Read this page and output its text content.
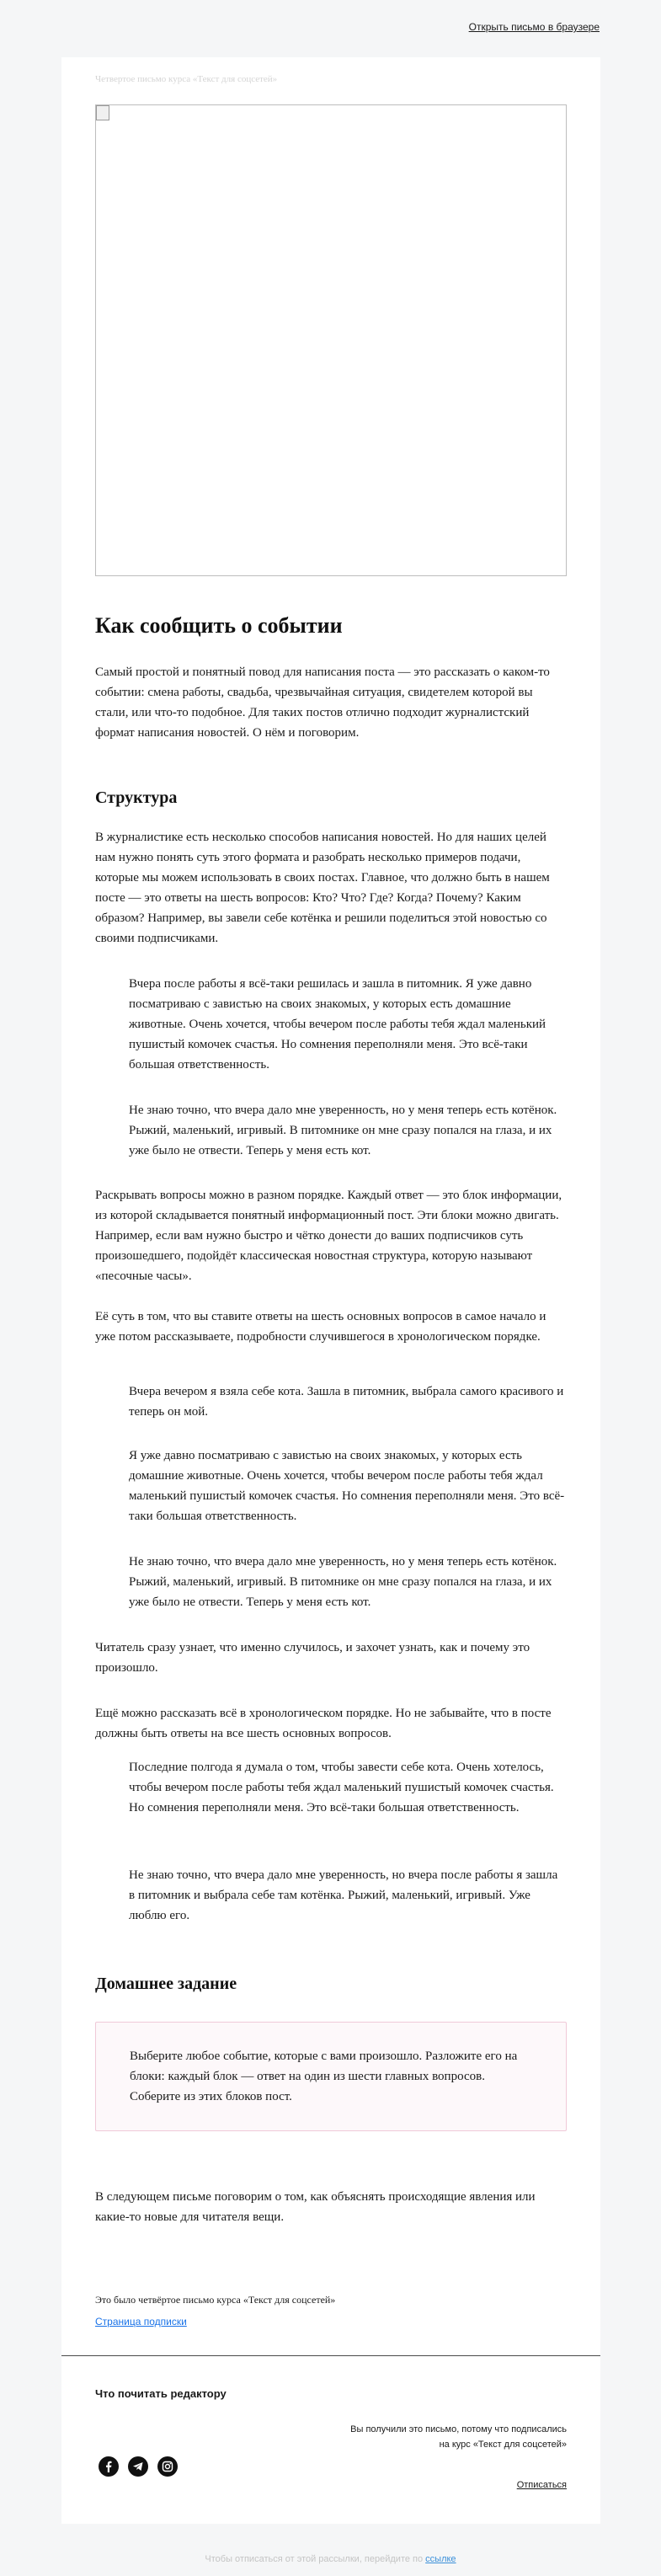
Открыть письмо в браузере
Четвертое письмо курса «Текст для соцсетей»
Как сообщить о событии

Самый простой и понятный повод для написания поста — это рассказать о каком-то событии: смена работы, свадьба, чрезвычайная ситуация, свидетелем которой вы стали, или что-то подобное. Для таких постов отлично подходит журналистский формат написания новостей. О нём и поговорим.

Структура

В журналистике есть несколько способов написания новостей. Но для наших целей нам нужно понять суть этого формата и разобрать несколько примеров подачи, которые мы можем использовать в своих постах. Главное, что должно быть в нашем посте — это ответы на шесть вопросов: Кто? Что? Где? Когда? Почему? Каким образом? Например, вы завели себе котёнка и решили поделиться этой новостью со своими подписчиками.

Вчера после работы я всё-таки решилась и зашла в питомник. Я уже давно посматриваю с завистью на своих знакомых, у которых есть домашние животные. Очень хочется, чтобы вечером после работы тебя ждал маленький пушистый комочек счастья. Но сомнения переполняли меня. Это всё-таки большая ответственность.

Не знаю точно, что вчера дало мне уверенность, но у меня теперь есть котёнок. Рыжий, маленький, игривый. В питомнике он мне сразу попался на глаза, и их уже было не отвести. Теперь у меня есть кот.

Раскрывать вопросы можно в разном порядке. Каждый ответ — это блок информации, из которой складывается понятный информационный пост. Эти блоки можно двигать. Например, если вам нужно быстро и чётко донести до ваших подписчиков суть произошедшего, подойдёт классическая новостная структура, которую называют «песочные часы».

Её суть в том, что вы ставите ответы на шесть основных вопросов в самое начало и уже потом рассказываете, подробности случившегося в хронологическом порядке.

Вчера вечером я взяла себе кота. Зашла в питомник, выбрала самого красивого и теперь он мой.

Я уже давно посматриваю с завистью на своих знакомых, у которых есть домашние животные. Очень хочется, чтобы вечером после работы тебя ждал маленький пушистый комочек счастья. Но сомнения переполняли меня. Это всё-таки большая ответственность.

Не знаю точно, что вчера дало мне уверенность, но у меня теперь есть котёнок. Рыжий, маленький, игривый. В питомнике он мне сразу попался на глаза, и их уже было не отвести. Теперь у меня есть кот.

Читатель сразу узнает, что именно случилось, и захочет узнать, как и почему это произошло.

Ещё можно рассказать всё в хронологическом порядке. Но не забывайте, что в посте должны быть ответы на все шесть основных вопросов.

Последние полгода я думала о том, чтобы завести себе кота. Очень хотелось, чтобы вечером после работы тебя ждал маленький пушистый комочек счастья. Но сомнения переполняли меня. Это всё-таки большая ответственность.

Не знаю точно, что вчера дало мне уверенность, но вчера после работы я зашла в питомник и выбрала себе там котёнка. Рыжий, маленький, игривый. Уже люблю его.

Домашнее задание

Выберите любое событие, которые с вами произошло. Разложите его на блоки: каждый блок — ответ на один из шести главных вопросов. Соберите из этих блоков пост.

В следующем письме поговорим о том, как объяснять происходящие явления или какие-то новые для читателя вещи.

Это было четвёртое письмо курса «Текст для соцсетей»
Страница подписки
Что почитать редактору
Вы получили это письмо, потому что подписались на курс «Текст для соцсетей»
Отписаться
Чтобы отписаться от этой рассылки, перейдите по ссылке
